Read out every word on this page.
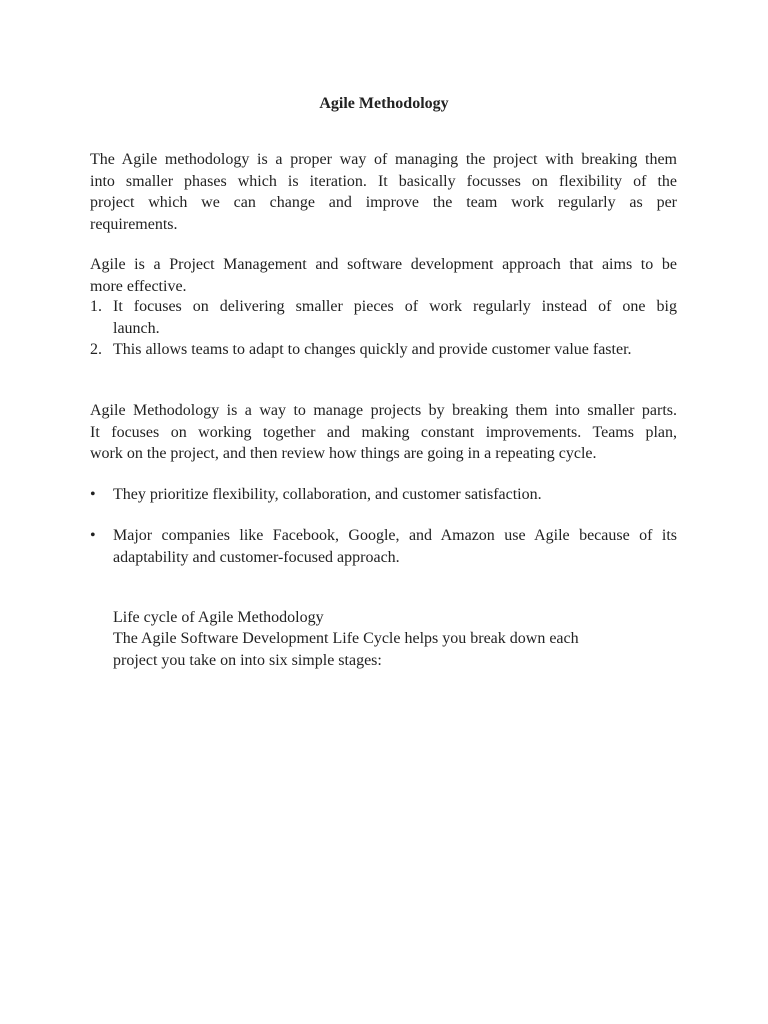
Agile Methodology

The Agile methodology is a proper way of managing the project with breaking them
into smaller phases which is iteration. It basically focusses on flexibility of the
project which we can change and improve the team work regularly as per
requirements.

Agile is a Project Management and software development approach that aims to be
more effective.

1. It focuses on delivering smaller pieces of work regularly instead of one big
launch.
2. This allows teams to adapt to changes quickly and provide customer value faster.

Agile Methodology is a way to manage projects by breaking them into smaller parts.
It focuses on working together and making constant improvements. Teams plan,
work on the project, and then review how things are going in a repeating cycle.

•	They prioritize flexibility, collaboration, and customer satisfaction.
•	Major companies like Facebook, Google, and Amazon use Agile because of its
adaptability and customer-focused approach.

Life cycle of Agile Methodology

The Agile Software Development Life Cycle helps you break down each
project you take on into six simple stages:
